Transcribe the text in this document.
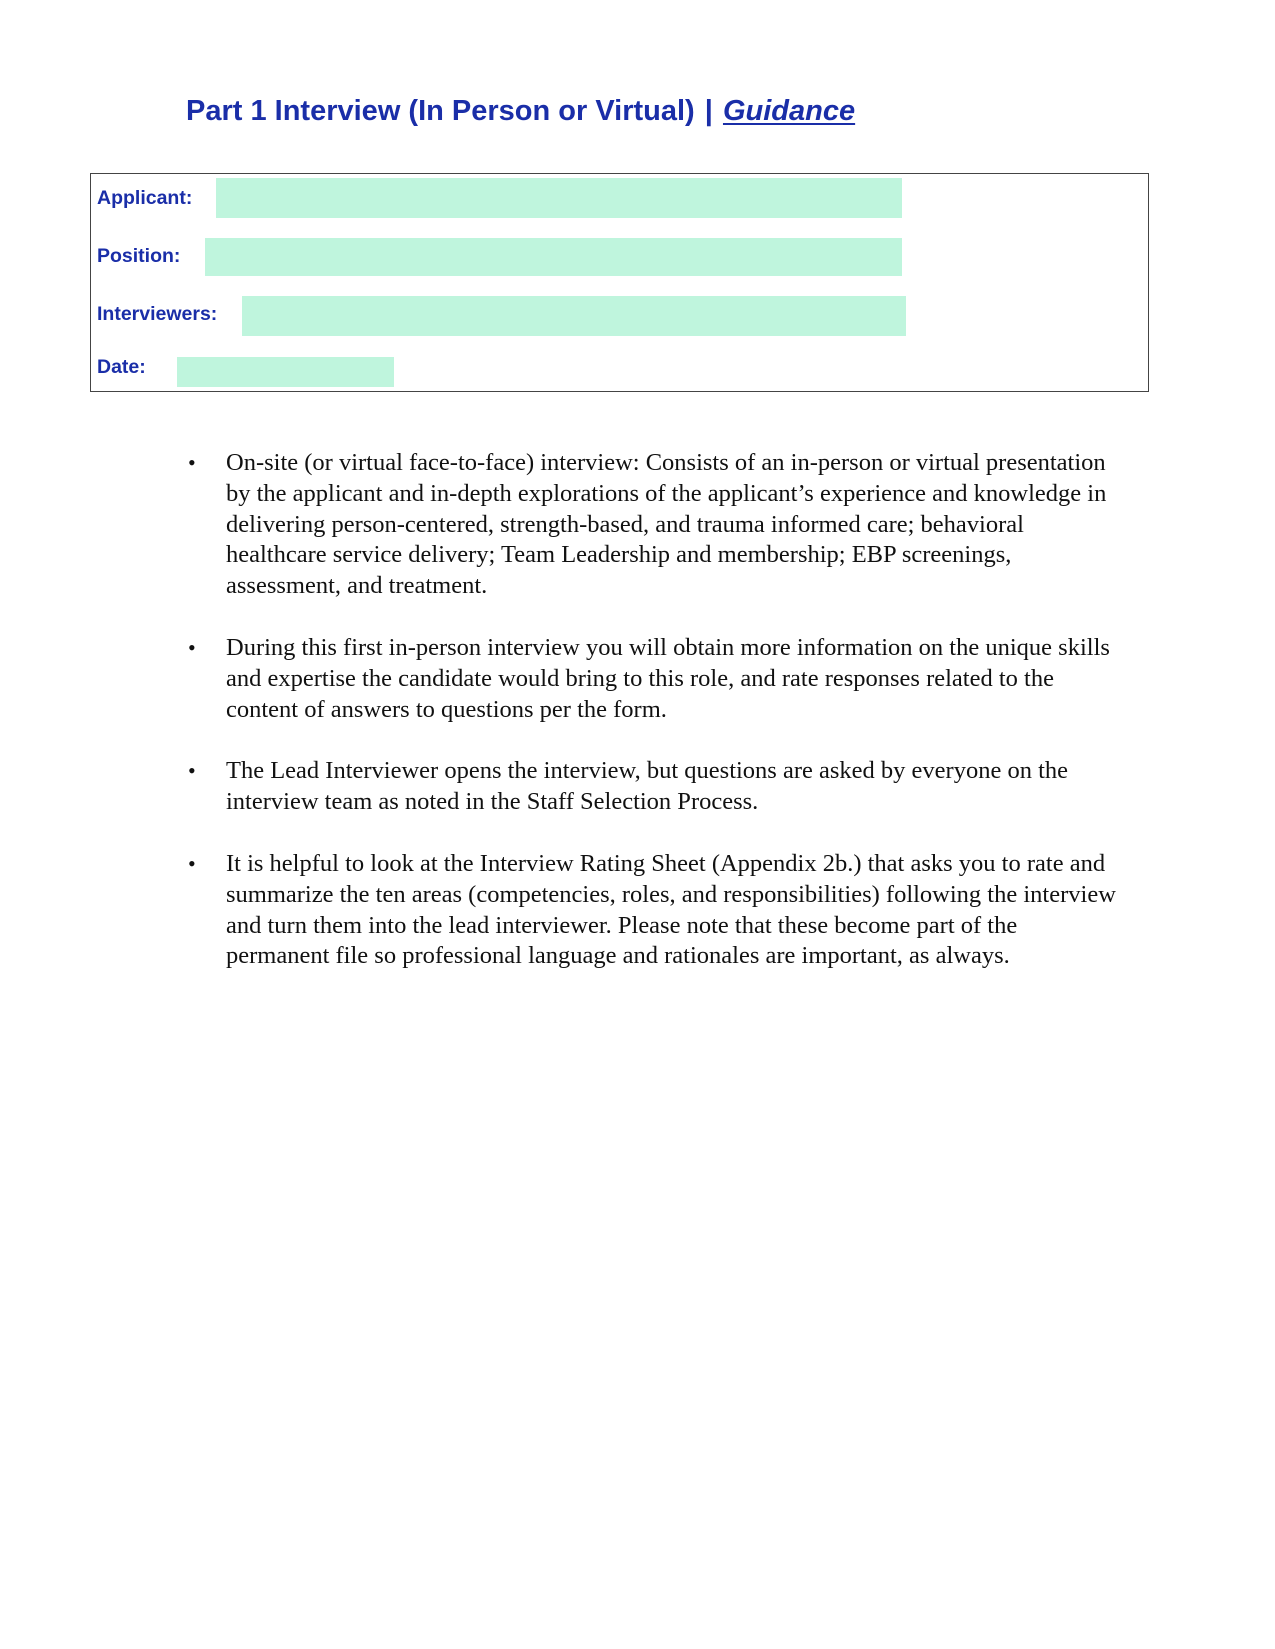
Part 1 Interview (In Person or Virtual) | Guidance
Applicant:
Position:
Interviewers:
Date:
• On-site (or virtual face-to-face) interview: Consists of an in-person or virtual presentation by the applicant and in-depth explorations of the applicant’s experience and knowledge in delivering person-centered, strength-based, and trauma informed care; behavioral healthcare service delivery; Team Leadership and membership; EBP screenings, assessment, and treatment.
• During this first in-person interview you will obtain more information on the unique skills and expertise the candidate would bring to this role, and rate responses related to the content of answers to questions per the form.
• The Lead Interviewer opens the interview, but questions are asked by everyone on the interview team as noted in the Staff Selection Process.
• It is helpful to look at the Interview Rating Sheet (Appendix 2b.) that asks you to rate and summarize the ten areas (competencies, roles, and responsibilities) following the interview and turn them into the lead interviewer. Please note that these become part of the permanent file so professional language and rationales are important, as always.
